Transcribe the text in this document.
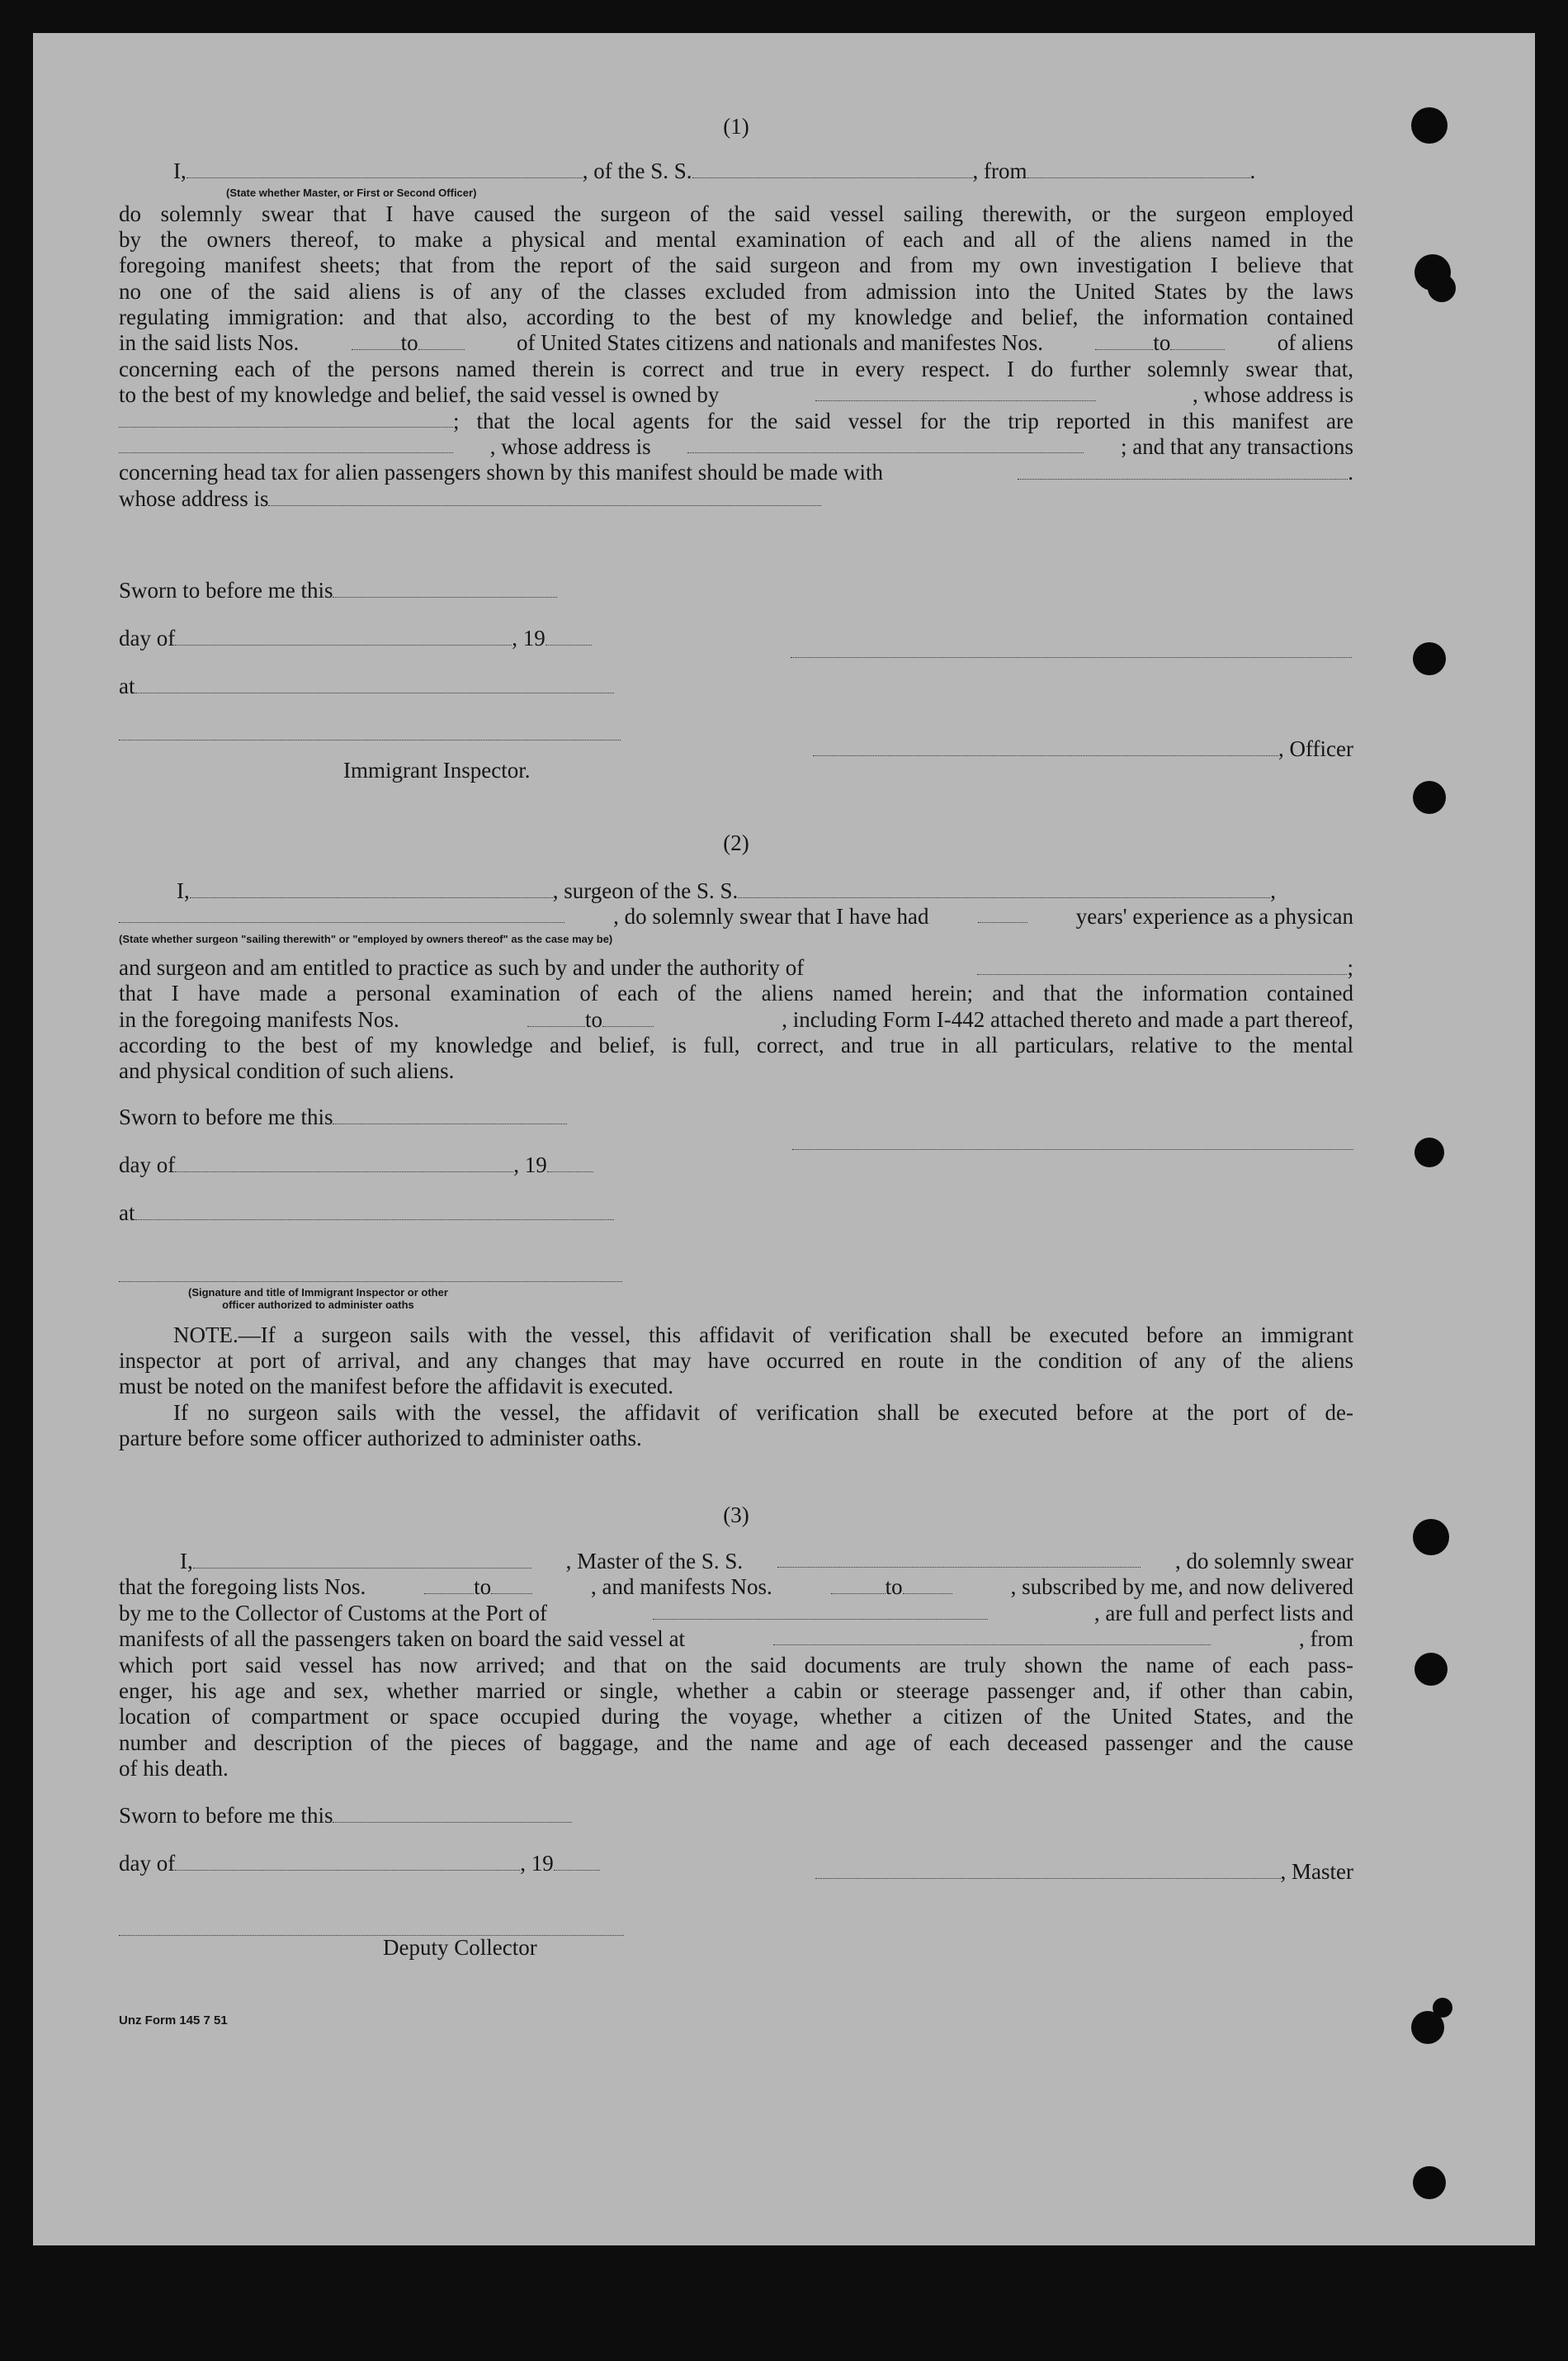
(1)
I,	, of the S. S.	, from	.
(State whether Master, or First or Second Officer)
do solemnly swear that I have caused the surgeon of the said vessel sailing therewith, or the surgeon employed
by the owners thereof, to make a physical and mental examination of each and all of the aliens named in the
foregoing manifest sheets; that from the report of the said surgeon and from my own investigation I believe that
no one of the said aliens is of any of the classes excluded from admission into the United States by the laws
regulating immigration: and that also, according to the best of my knowledge and belief, the information contained
in the said lists Nos.	to	of United States citizens and nationals and manifestes Nos.	to	of aliens
concerning each of the persons named therein is correct and true in every respect. I do further solemnly swear that,
to the best of my knowledge and belief, the said vessel is owned by	, whose address is
; that the local agents for the said vessel for the trip reported in this manifest are
, whose address is	; and that any transactions
concerning head tax for alien passengers shown by this manifest should be made with	.
whose address is
Sworn to before me this
day of	, 19
at
, Officer
Immigrant Inspector.
(2)
I,	, surgeon of the S. S.	,
, do solemnly swear that I have had	years' experience as a physican
(State whether surgeon "sailing therewith" or "employed by owners thereof" as the case may be)
and surgeon and am entitled to practice as such by and under the authority of	;
that I have made a personal examination of each of the aliens named herein; and that the information contained
in the foregoing manifests Nos.	to	, including Form I-442 attached thereto and made a part thereof,
according to the best of my knowledge and belief, is full, correct, and true in all particulars, relative to the mental
and physical condition of such aliens.
Sworn to before me this
day of	, 19
at
(Signature and title of Immigrant Inspector or other
officer authorized to administer oaths
NOTE.—If a surgeon sails with the vessel, this affidavit of verification shall be executed before an immigrant
inspector at port of arrival, and any changes that may have occurred en route in the condition of any of the aliens
must be noted on the manifest before the affidavit is executed.
If no surgeon sails with the vessel, the affidavit of verification shall be executed before at the port of de-
parture before some officer authorized to administer oaths.
(3)
I,	, Master of the S. S.	, do solemnly swear
that the foregoing lists Nos.	to	, and manifests Nos.	to	, subscribed by me, and now delivered
by me to the Collector of Customs at the Port of	, are full and perfect lists and
manifests of all the passengers taken on board the said vessel at	, from
which port said vessel has now arrived; and that on the said documents are truly shown the name of each pass-
enger, his age and sex, whether married or single, whether a cabin or steerage passenger and, if other than cabin,
location of compartment or space occupied during the voyage, whether a citizen of the United States, and the
number and description of the pieces of baggage, and the name and age of each deceased passenger and the cause
of his death.
Sworn to before me this
day of	, 19	, Master
Deputy Collector
Unz Form 145 7 51
